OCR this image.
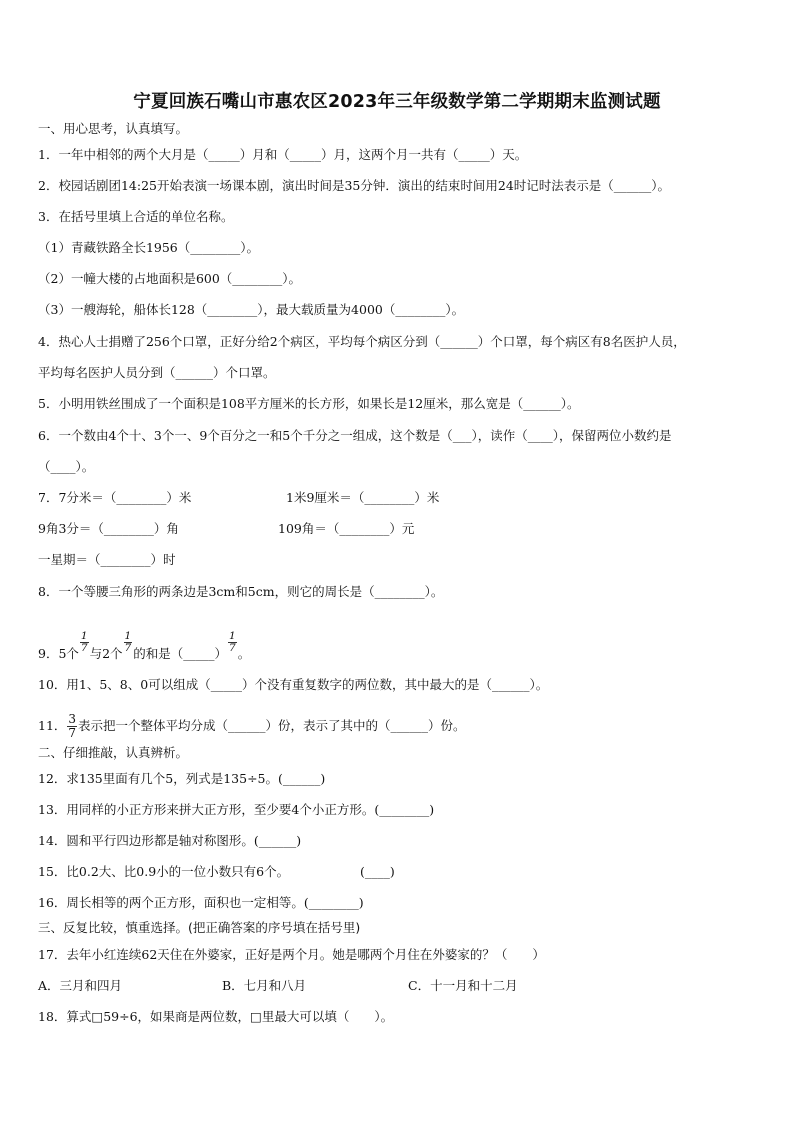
宁夏回族石嘴山市惠农区2023年三年级数学第二学期期末监测试题
一、用心思考，认真填写。
1．一年中相邻的两个大月是（_____）月和（_____）月，这两个月一共有（_____）天。
2．校园话剧团14:25开始表演一场课本剧，演出时间是35分钟．演出的结束时间用24时记时法表示是（______）。
3．在括号里填上合适的单位名称。
（1）青藏铁路全长1956（________）。
（2）一幢大楼的占地面积是600（________）。
（3）一艘海轮，船体长128（________），最大载质量为4000（________）。
4．热心人士捐赠了256个口罩，正好分给2个病区，平均每个病区分到（______）个口罩，每个病区有8名医护人员，
平均每名医护人员分到（______）个口罩。
5．小明用铁丝围成了一个面积是108平方厘米的长方形，如果长是12厘米，那么宽是（______）。
6．一个数由4个十、3个一、9个百分之一和5个千分之一组成，这个数是（___），读作（____），保留两位小数约是
（____）。
7．7分米＝（________）米	1米9厘米＝（________）米
9角3分＝（________）角	109角＝（________）元
一星期＝（________）时
8．一个等腰三角形的两条边是3cm和5cm，则它的周长是（________）。
9．5个 $\frac{1}{7}$ 与2个 $\frac{1}{7}$ 的和是（_____） $\frac{1}{7}$ 。
10．用1、5、8、0可以组成（_____）个没有重复数字的两位数，其中最大的是（______）。
11． $\frac{3}{7}$ 表示把一个整体平均分成（______）份，表示了其中的（______）份。
二、仔细推敲，认真辨析。
12．求135里面有几个5，列式是135÷5。(______)
13．用同样的小正方形来拼大正方形，至少要4个小正方形。(________)
14．圆和平行四边形都是轴对称图形。(______)
15．比0.2大、比0.9小的一位小数只有6个。	(____)
16．周长相等的两个正方形，面积也一定相等。(________)
三、反复比较，慎重选择。(把正确答案的序号填在括号里)
17．去年小红连续62天住在外婆家，正好是两个月。她是哪两个月住在外婆家的？（　　）
A．三月和四月	B．七月和八月	C．十一月和十二月
18．算式□59÷6，如果商是两位数，□里最大可以填（　　）。
